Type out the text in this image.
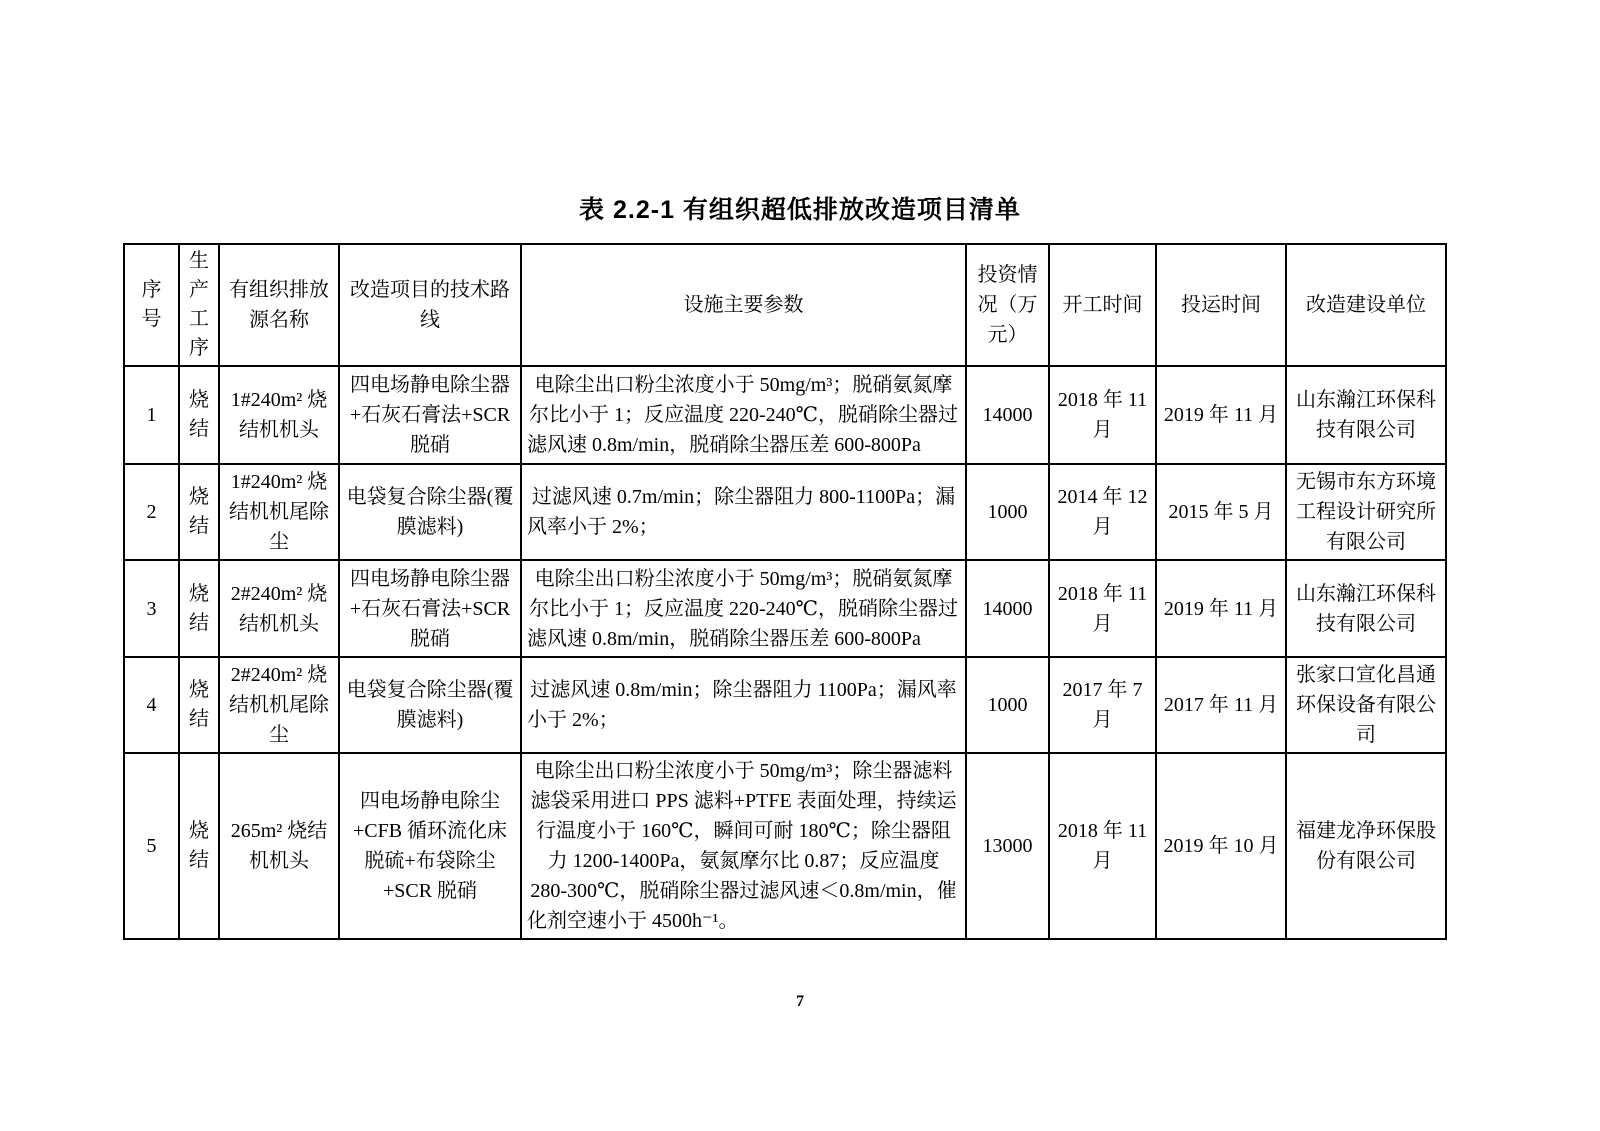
表 2.2-1 有组织超低排放改造项目清单
序号	生产工序	有组织排放源名称	改造项目的技术路线	设施主要参数	投资情况（万元）	开工时间	投运时间	改造建设单位
1	烧结	1#240m² 烧结机机头	四电场静电除尘器+石灰石膏法+SCR 脱硝	电除尘出口粉尘浓度小于 50mg/m³；脱硝氨氮摩尔比小于 1；反应温度 220-240℃，脱硝除尘器过滤风速 0.8m/min，脱硝除尘器压差 600-800Pa	14000	2018 年 11 月	2019 年 11 月	山东瀚江环保科技有限公司
2	烧结	1#240m² 烧结机机尾除尘	电袋复合除尘器(覆膜滤料)	过滤风速 0.7m/min；除尘器阻力 800-1100Pa；漏风率小于 2%；	1000	2014 年 12 月	2015 年 5 月	无锡市东方环境工程设计研究所有限公司
3	烧结	2#240m² 烧结机机头	四电场静电除尘器+石灰石膏法+SCR 脱硝	电除尘出口粉尘浓度小于 50mg/m³；脱硝氨氮摩尔比小于 1；反应温度 220-240℃，脱硝除尘器过滤风速 0.8m/min，脱硝除尘器压差 600-800Pa	14000	2018 年 11 月	2019 年 11 月	山东瀚江环保科技有限公司
4	烧结	2#240m² 烧结机机尾除尘	电袋复合除尘器(覆膜滤料)	过滤风速 0.8m/min；除尘器阻力 1100Pa；漏风率小于 2%；	1000	2017 年 7 月	2017 年 11 月	张家口宣化昌通环保设备有限公司
5	烧结	265m² 烧结机机头	四电场静电除尘+CFB 循环流化床脱硫+布袋除尘 +SCR 脱硝	电除尘出口粉尘浓度小于 50mg/m³；除尘器滤料滤袋采用进口 PPS 滤料+PTFE 表面处理，持续运行温度小于 160℃，瞬间可耐 180℃；除尘器阻力 1200-1400Pa，氨氮摩尔比 0.87；反应温度 280-300℃，脱硝除尘器过滤风速＜0.8m/min，催化剂空速小于 4500h⁻¹。	13000	2018 年 11 月	2019 年 10 月	福建龙净环保股份有限公司
7
